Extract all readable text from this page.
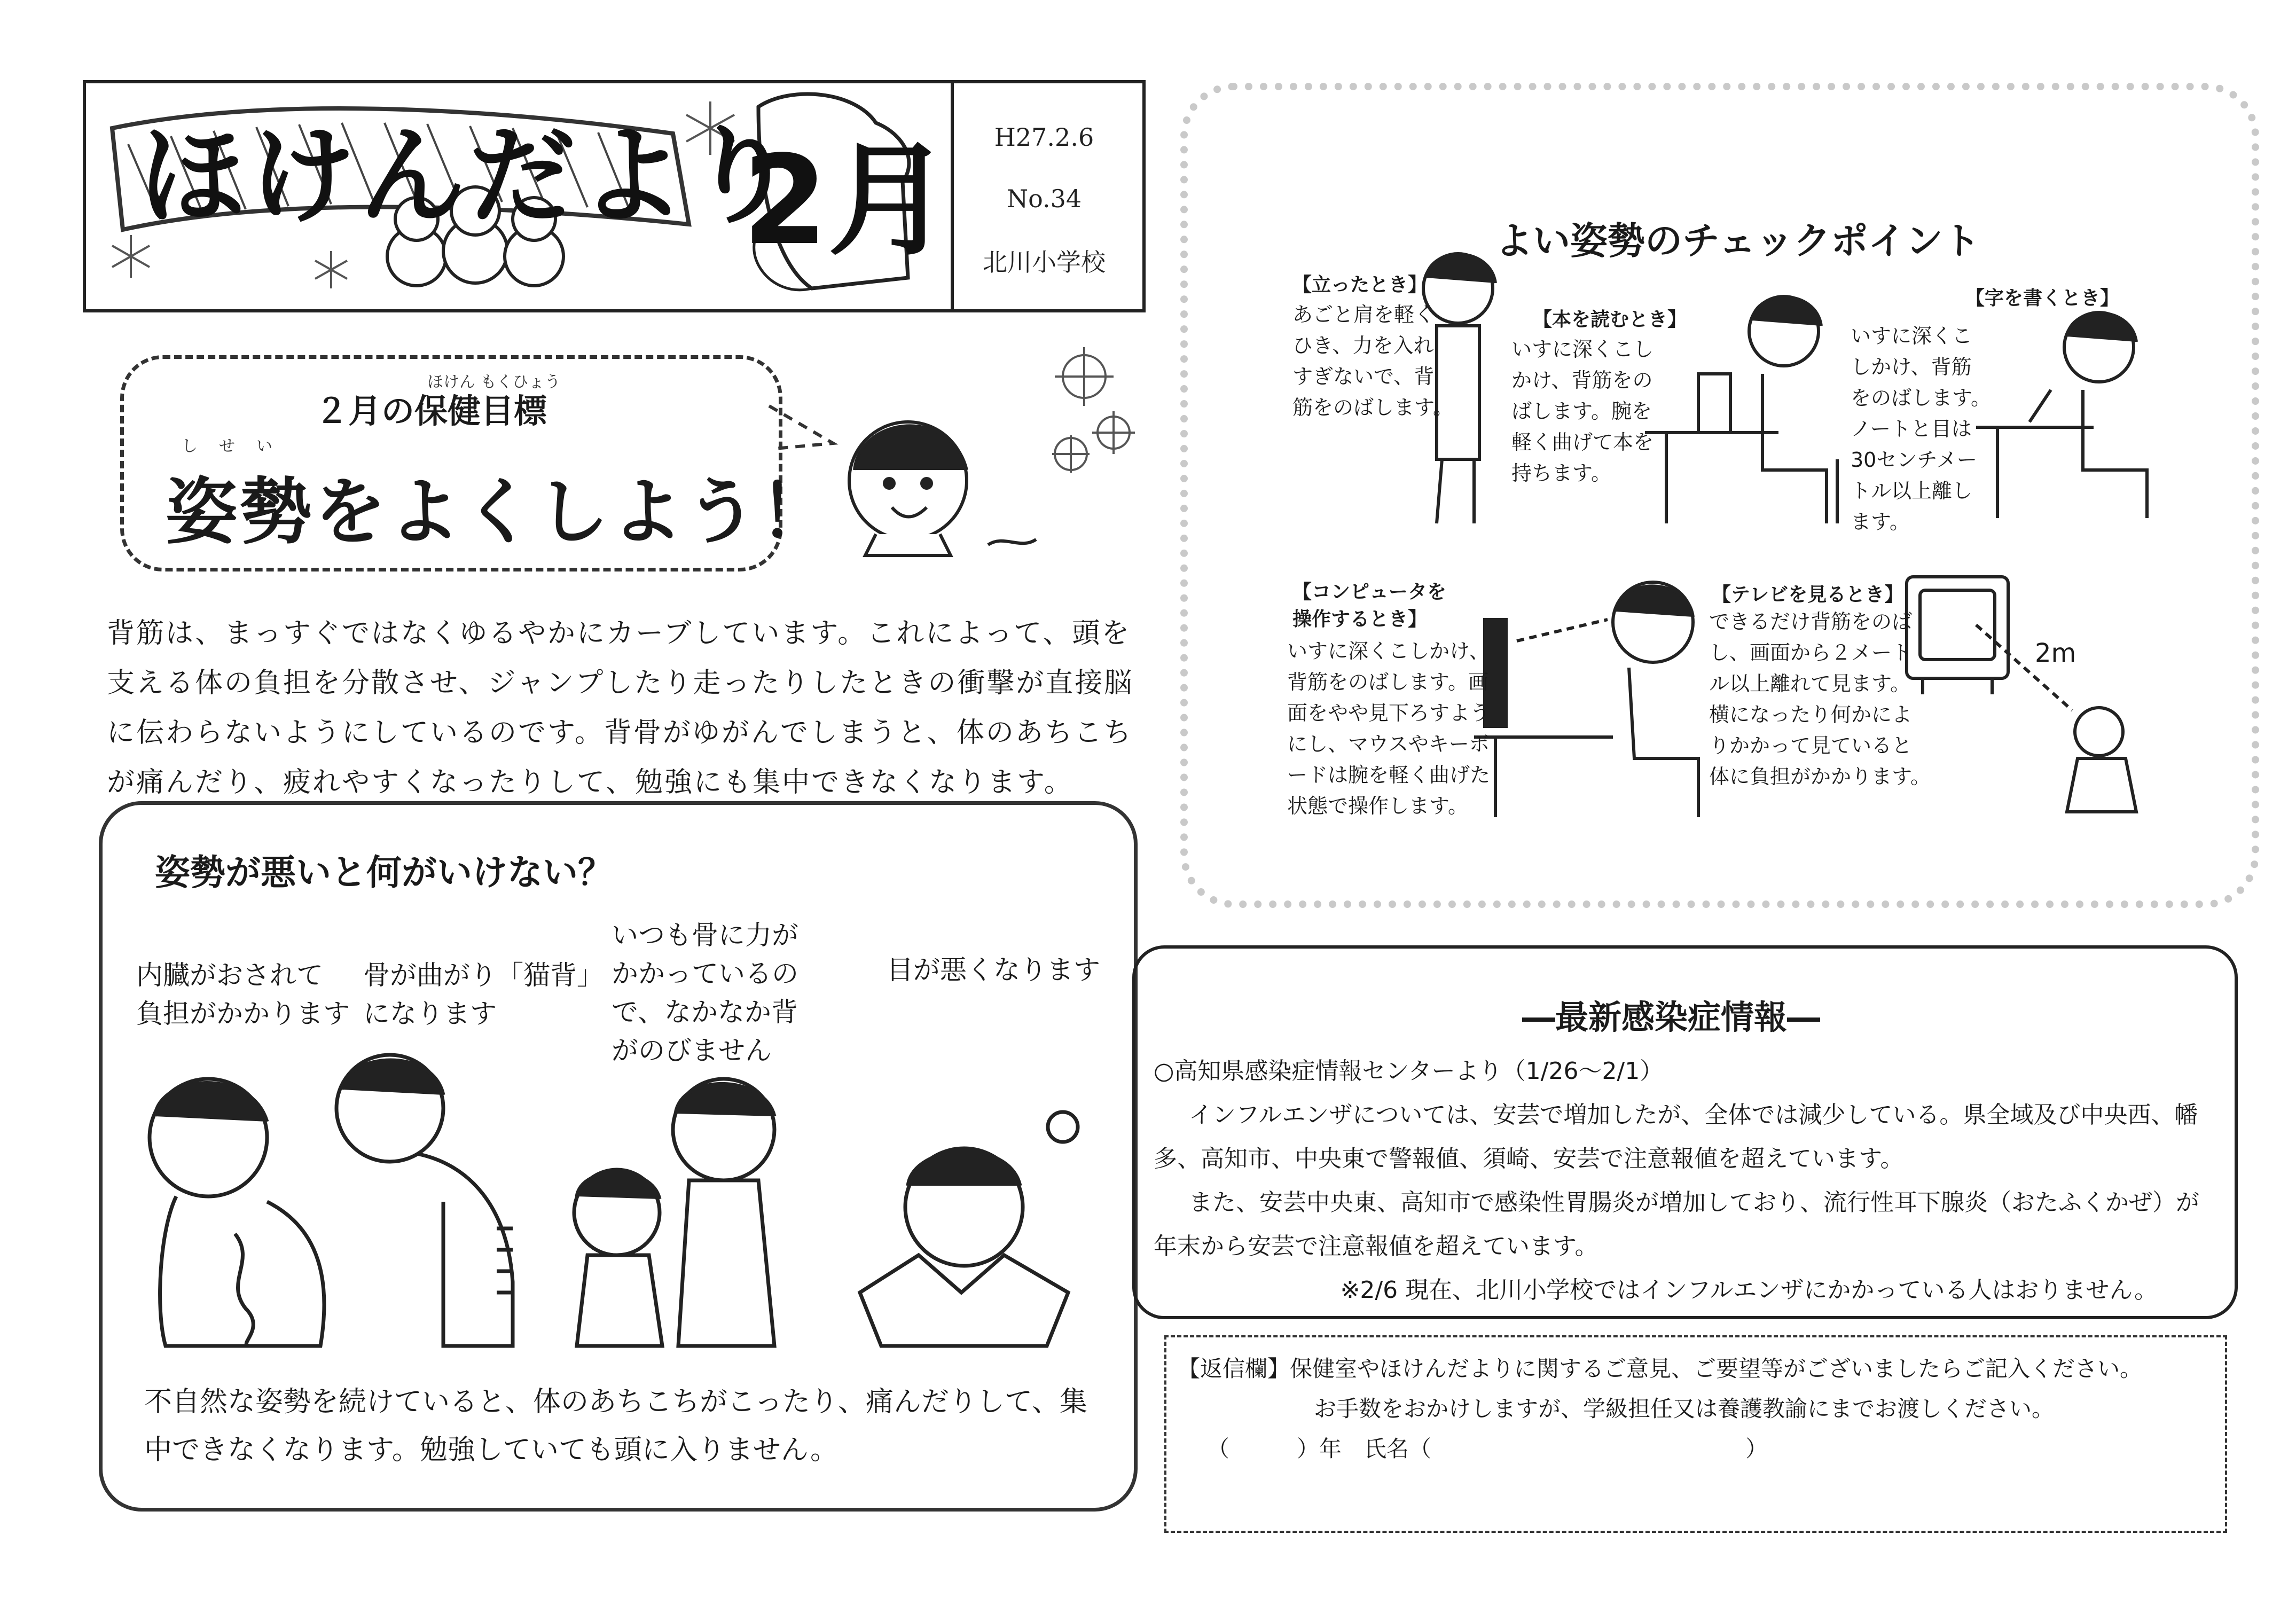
ほけんだより
2月	H27.2.6
No.34
北川小学校
ほけん もくひょう
２月の保健目標
しせい
姿勢をよくしよう！
背筋は、まっすぐではなくゆるやかにカーブしています。これによって、頭を支える体の負担を分散させ、ジャンプしたり走ったりしたときの衝撃が直接脳に伝わらないようにしているのです。背骨がゆがんでしまうと、体のあちこちが痛んだり、疲れやすくなったりして、勉強にも集中できなくなります。
姿勢が悪いと何がいけない？
内臓がおされて
負担がかかります
骨が曲がり「猫背」
になります
いつも骨に力が
かかっているの
で、なかなか背
がのびません
目が悪くなります
不自然な姿勢を続けていると、体のあちこちがこったり、痛んだりして、集中できなくなります。勉強していても頭に入りません。
よい姿勢のチェックポイント
【立ったとき】
あごと肩を軽く
ひき、力を入れ
すぎないで、背
筋をのばします。
【本を読むとき】
いすに深くこし
かけ、背筋をの
ばします。腕を
軽く曲げて本を
持ちます。
【字を書くとき】
いすに深くこ
しかけ、背筋
をのばします。
ノートと目は
30センチメー
トル以上離し
ます。
【コンピュータを
操作するとき】
いすに深くこしかけ、
背筋をのばします。画
面をやや見下ろすよう
にし、マウスやキーボ
ードは腕を軽く曲げた
状態で操作します。
【テレビを見るとき】
できるだけ背筋をのば
し、画面から２メート
ル以上離れて見ます。
横になったり何かによ
りかかって見ていると
体に負担がかかります。
2m
―最新感染症情報―

○高知県感染症情報センターより（1/26～2/1）

インフルエンザについては、安芸で増加したが、全体では減少している。県全域及び中央西、幡多、高知市、中央東で警報値、須崎、安芸で注意報値を超えています。

また、安芸中央東、高知市で感染性胃腸炎が増加しており、流行性耳下腺炎（おたふくかぜ）が年末から安芸で注意報値を超えています。

※2/6 現在、北川小学校ではインフルエンザにかかっている人はおりません。

【返信欄】保健室やほけんだよりに関するご意見、ご要望等がございましたらご記入ください。
お手数をおかけしますが、学級担任又は養護教諭にまでお渡しください。
（　　　）年　氏名（　　　　　　　　　　　　　　）
